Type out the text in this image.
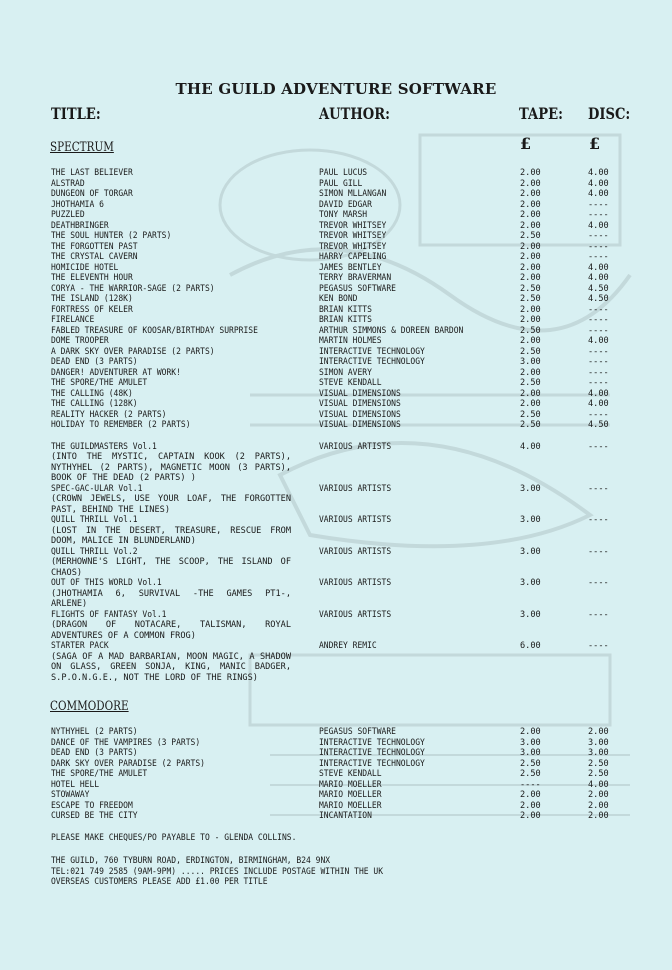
THE GUILD ADVENTURE SOFTWARE
TITLE:	AUTHOR:	TAPE: DISC:
£	£
SPECTRUM
THE LAST BELIEVER	PAUL LUCUS	2.00	4.00
ALSTRAD	PAUL GILL	2.00	4.00
DUNGEON OF TORGAR	SIMON MLLANGAN	2.00	4.00
JHOTHAMIA 6	DAVID EDGAR	2.00	----
PUZZLED	TONY MARSH	2.00	----
DEATHBRINGER	TREVOR WHITSEY	2.00	4.00
THE SOUL HUNTER (2 PARTS)	TREVOR WHITSEY	2.50	----
THE FORGOTTEN PAST	TREVOR WHITSEY	2.00	----
THE CRYSTAL CAVERN	HARRY CAPELING	2.00	----
HOMICIDE HOTEL	JAMES BENTLEY	2.00	4.00
THE ELEVENTH HOUR	TERRY BRAVERMAN	2.00	4.00
CORYA - THE WARRIOR-SAGE (2 PARTS)	PEGASUS SOFTWARE	2.50	4.50
THE ISLAND (128K)	KEN BOND	2.50	4.50
FORTRESS OF KELER	BRIAN KITTS	2.00	----
FIRELANCE	BRIAN KITTS	2.00	----
FABLED TREASURE OF KOOSAR/BIRTHDAY SURPRISE	ARTHUR SIMMONS & DOREEN BARDON	2.50	----
DOME TROOPER	MARTIN HOLMES	2.00	4.00
A DARK SKY OVER PARADISE (2 PARTS)	INTERACTIVE TECHNOLOGY	2.50	----
DEAD END (3 PARTS)	INTERACTIVE TECHNOLOGY	3.00	----
DANGER! ADVENTURER AT WORK!	SIMON AVERY	2.00	----
THE SPORE/THE AMULET	STEVE KENDALL	2.50	----
THE CALLING (48K)	VISUAL DIMENSIONS	2.00	4.00
THE CALLING (128K)	VISUAL DIMENSIONS	2.00	4.00
REALITY HACKER (2 PARTS)	VISUAL DIMENSIONS	2.50	----
HOLIDAY TO REMEMBER (2 PARTS)	VISUAL DIMENSIONS	2.50	4.50
THE GUILDMASTERS Vol.1	VARIOUS ARTISTS	4.00	----
(INTO THE MYSTIC, CAPTAIN KOOK (2 PARTS), NYTHYHEL (2 PARTS), MAGNETIC MOON (3 PARTS), BOOK OF THE DEAD (2 PARTS) )
SPEC-GAC-ULAR Vol.1	VARIOUS ARTISTS	3.00	----
(CROWN JEWELS, USE YOUR LOAF, THE FORGOTTEN PAST, BEHIND THE LINES)
QUILL THRILL Vol.1	VARIOUS ARTISTS	3.00	----
(LOST IN THE DESERT, TREASURE, RESCUE FROM DOOM, MALICE IN BLUNDERLAND)
QUILL THRILL Vol.2	VARIOUS ARTISTS	3.00	----
(MERHOWNE'S LIGHT, THE SCOOP, THE ISLAND OF CHAOS)
OUT OF THIS WORLD Vol.1	VARIOUS ARTISTS	3.00	----
(JHOTHAMIA 6, SURVIVAL -THE GAMES PT1-, ARLENE)
FLIGHTS OF FANTASY Vol.1	VARIOUS ARTISTS	3.00	----
(DRAGON OF NOTACARE, TALISMAN, ROYAL ADVENTURES OF A COMMON FROG)
STARTER PACK	ANDREY REMIC	6.00	----
(SAGA OF A MAD BARBARIAN, MOON MAGIC, A SHADOW ON GLASS, GREEN SONJA, KING, MANIC BADGER, S.P.O.N.G.E., NOT THE LORD OF THE RINGS)
COMMODORE
NYTHYHEL (2 PARTS)	PEGASUS SOFTWARE	2.00	2.00
DANCE OF THE VAMPIRES (3 PARTS)	INTERACTIVE TECHNOLOGY	3.00	3.00
DEAD END (3 PARTS)	INTERACTIVE TECHNOLOGY	3.00	3.00
DARK SKY OVER PARADISE (2 PARTS)	INTERACTIVE TECHNOLOGY	2.50	2.50
THE SPORE/THE AMULET	STEVE KENDALL	2.50	2.50
HOTEL HELL	MARIO MOELLER	----	4.00
STOWAWAY	MARIO MOELLER	2.00	2.00
ESCAPE TO FREEDOM	MARIO MOELLER	2.00	2.00
CURSED BE THE CITY	INCANTATION	2.00	2.00
PLEASE MAKE CHEQUES/PO PAYABLE TO - GLENDA COLLINS.
THE GUILD, 760 TYBURN ROAD, ERDINGTON, BIRMINGHAM, B24 9NX
TEL:021 749 2585 (9AM-9PM) ..... PRICES INCLUDE POSTAGE WITHIN THE UK
OVERSEAS CUSTOMERS PLEASE ADD £1.00 PER TITLE
